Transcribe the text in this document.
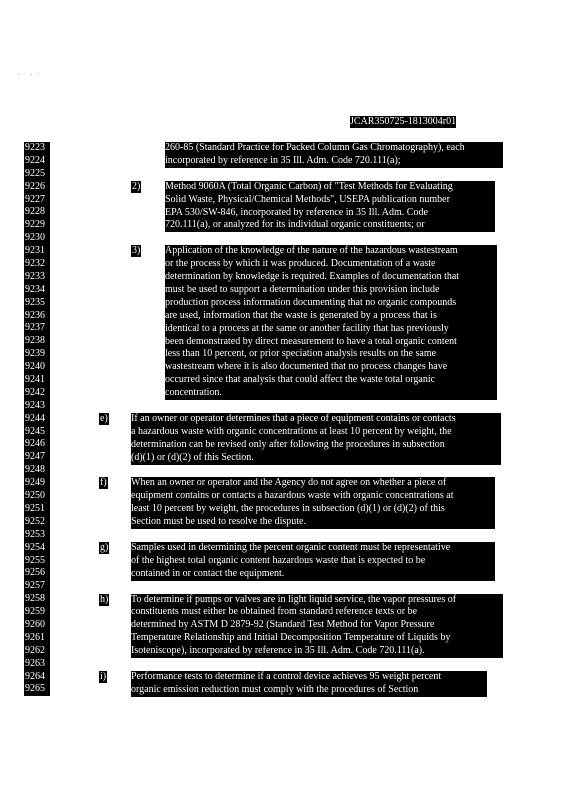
·       ·   ·
JCAR350725-1813004r01
9223
9224
9225
9226
9227
9228
9229
9230
9231
9232
9233
9234
9235
9236
9237
9238
9239
9240
9241
9242
9243
9244
9245
9246
9247
9248
9249
9250
9251
9252
9253
9254
9255
9256
9257
9258
9259
9260
9261
9262
9263
9264
9265

260-85 (Standard Practice for Packed Column Gas Chromatography), each

incorporated by reference in 35 Ill. Adm. Code 720.111(a);

2) Method 9060A (Total Organic Carbon) of "Test Methods for Evaluating

Solid Waste, Physical/Chemical Methods", USEPA publication number

EPA 530/SW-846, incorporated by reference in 35 Ill. Adm. Code

720.111(a), or analyzed for its individual organic constituents; or

3) Application of the knowledge of the nature of the hazardous wastestream

or the process by which it was produced. Documentation of a waste

determination by knowledge is required. Examples of documentation that

must be used to support a determination under this provision include

production process information documenting that no organic compounds

are used, information that the waste is generated by a process that is

identical to a process at the same or another facility that has previously

been demonstrated by direct measurement to have a total organic content

less than 10 percent, or prior speciation analysis results on the same

wastestream where it is also documented that no process changes have

occurred since that analysis that could affect the waste total organic

concentration.

e) If an owner or operator determines that a piece of equipment contains or contacts

a hazardous waste with organic concentrations at least 10 percent by weight, the

determination can be revised only after following the procedures in subsection

(d)(1) or (d)(2) of this Section.

f) When an owner or operator and the Agency do not agree on whether a piece of

equipment contains or contacts a hazardous waste with organic concentrations at

least 10 percent by weight, the procedures in subsection (d)(1) or (d)(2) of this

Section must be used to resolve the dispute.

g) Samples used in determining the percent organic content must be representative

of the highest total organic content hazardous waste that is expected to be

contained in or contact the equipment.

h) To determine if pumps or valves are in light liquid service, the vapor pressures of

constituents must either be obtained from standard reference texts or be

determined by ASTM D 2879-92 (Standard Test Method for Vapor Pressure

Temperature Relationship and Initial Decomposition Temperature of Liquids by

Isoteniscope), incorporated by reference in 35 Ill. Adm. Code 720.111(a).

i) Performance tests to determine if a control device achieves 95 weight percent

organic emission reduction must comply with the procedures of Section
